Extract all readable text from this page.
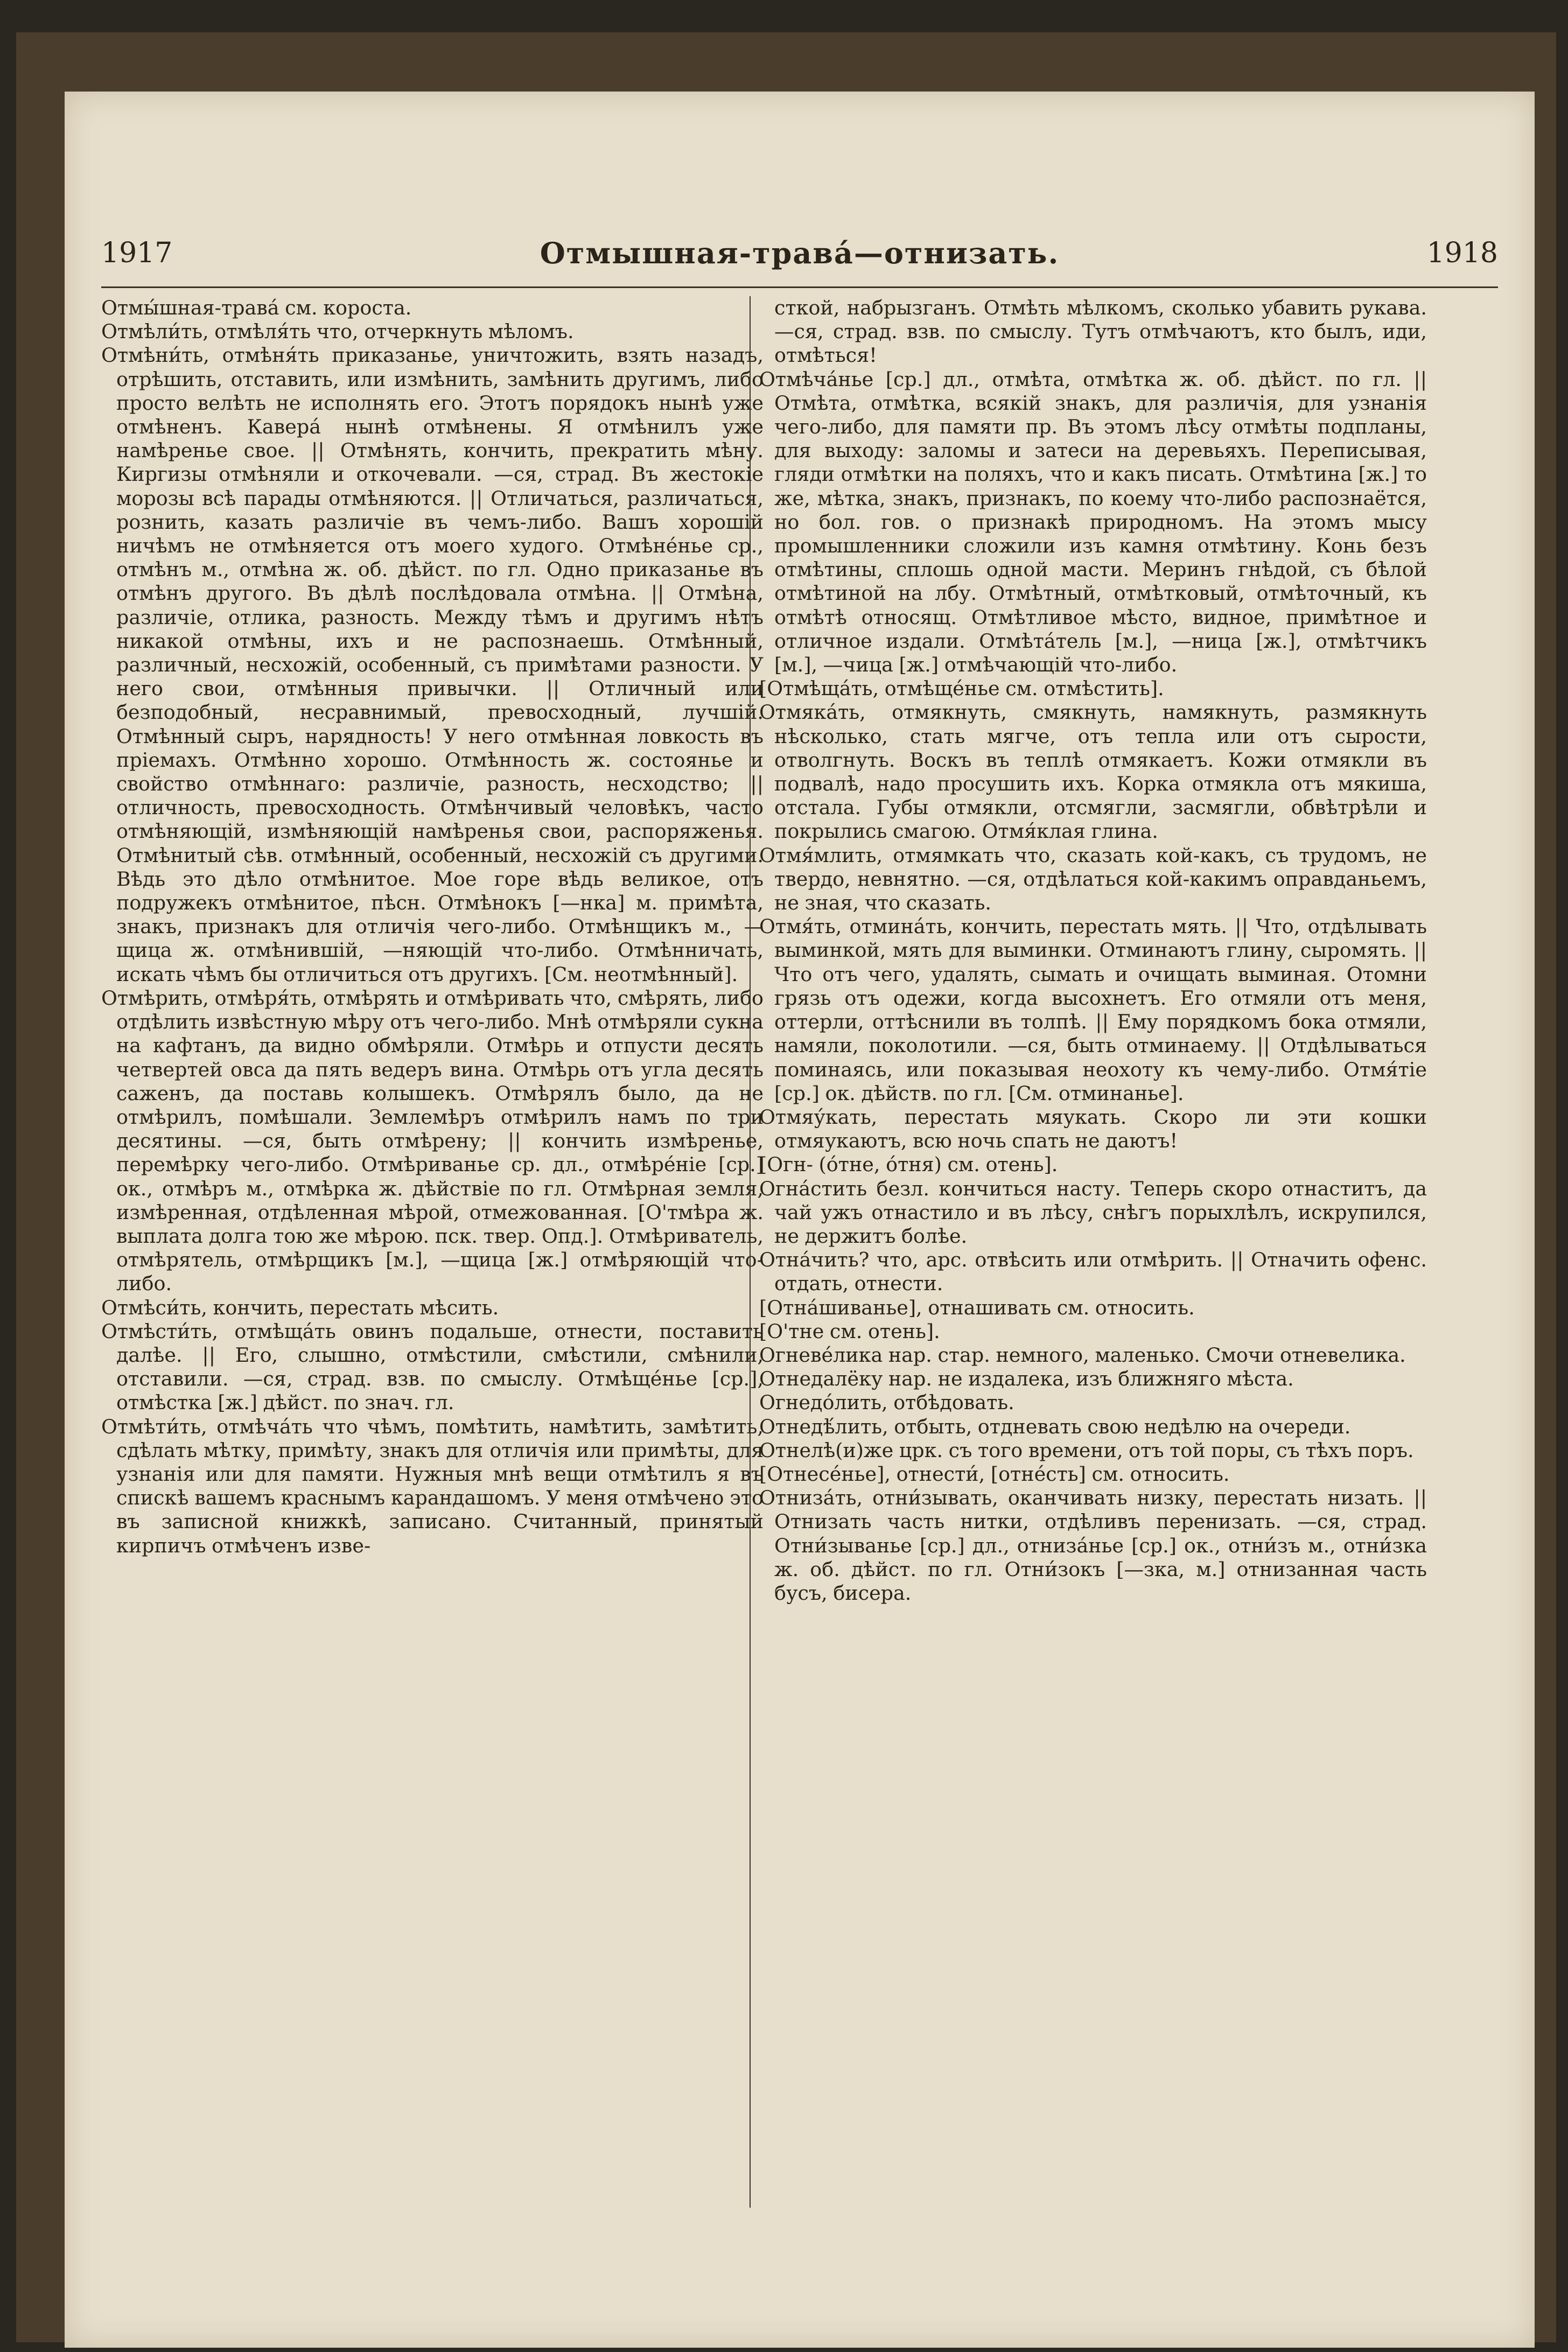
1917	Отмышная-трава́—отнизать.	1918

Отмы́шная-трава́ см. короста.

Отмѣли́ть, отмѣля́ть что, отчеркнуть мѣломъ.

Отмѣни́ть, отмѣня́ть приказанье, уничтожить, взять назадъ, отрѣшить, отставить, или измѣнить, замѣнить другимъ, либо просто велѣть не исполнять его. Этотъ порядокъ нынѣ уже отмѣненъ. Каверá нынѣ отмѣнены. Я отмѣнилъ уже намѣренье свое. || Отмѣнять, кончить, прекратить мѣну. Киргизы отмѣняли и откочевали. —ся, страд. Въ жестокіе морозы всѣ парады отмѣняются. || Отличаться, различаться, рознить, казать различіе въ чемъ-либо. Вашъ хорошій ничѣмъ не отмѣняется отъ моего худого. Отмѣне́нье ср., отмѣнъ м., отмѣна ж. об. дѣйст. по гл. Одно приказанье въ отмѣнъ другого. Въ дѣлѣ послѣдовала отмѣна. || Отмѣна, различіе, отлика, разность. Между тѣмъ и другимъ нѣтъ никакой отмѣны, ихъ и не распознаешь. Отмѣнный, различный, несхожій, особенный, съ примѣтами разности. У него свои, отмѣнныя привычки. || Отличный или безподобный, несравнимый, превосходный, лучшій. Отмѣнный сыръ, нарядность! У него отмѣнная ловкость въ пріемахъ. Отмѣнно хорошо. Отмѣнность ж. состоянье и свойство отмѣннаго: различіе, разность, несходство; || отличность, превосходность. Отмѣнчивый человѣкъ, часто отмѣняющій, измѣняющій намѣренья свои, распоряженья. Отмѣнитый сѣв. отмѣнный, особенный, несхожій съ другими. Вѣдь это дѣло отмѣнитое. Мое горе вѣдь великое, отъ подружекъ отмѣнитое, пѣсн. Отмѣнокъ [—нка] м. примѣта, знакъ, признакъ для отличія чего-либо. Отмѣнщикъ м., —щица ж. отмѣнившій, —няющій что-либо. Отмѣнничать, искать чѣмъ бы отличиться отъ другихъ. [См. неотмѣнный].

Отмѣрить, отмѣря́ть, отмѣрять и отмѣривать что, смѣрять, либо отдѣлить извѣстную мѣру отъ чего-либо. Мнѣ отмѣряли сукна на кафтанъ, да видно обмѣряли. Отмѣрь и отпусти десять четвертей овса да пять ведеръ вина. Отмѣрь отъ угла десять саженъ, да поставь колышекъ. Отмѣрялъ было, да не отмѣрилъ, помѣшали. Землемѣръ отмѣрилъ намъ по три десятины. —ся, быть отмѣрену; || кончить измѣренье, перемѣрку чего-либо. Отмѣриванье ср. дл., отмѣре́ніе [ср.] ок., отмѣръ м., отмѣрка ж. дѣйствіе по гл. Отмѣрная земля, измѣренная, отдѣленная мѣрой, отмежованная. [О'тмѣра ж. выплата долга тою же мѣрою. пск. твер. Опд.]. Отмѣриватель, отмѣрятель, отмѣрщикъ [м.], —щица [ж.] отмѣряющій что-либо.

Отмѣси́ть, кончить, перестать мѣсить.

Отмѣсти́ть, отмѣща́ть овинъ подальше, отнести, поставить далѣе. || Его, слышно, отмѣстили, смѣстили, смѣнили, отставили. —ся, страд. взв. по смыслу. Отмѣще́нье [ср.], отмѣстка [ж.] дѣйст. по знач. гл.

Отмѣти́ть, отмѣча́ть что чѣмъ, помѣтить, намѣтить, замѣтить, сдѣлать мѣтку, примѣту, знакъ для отличія или примѣты, для узнанія или для памяти. Нужныя мнѣ вещи отмѣтилъ я въ спискѣ вашемъ краснымъ карандашомъ. У меня отмѣчено это въ записной книжкѣ, записано. Считанный, принятый кирпичъ отмѣченъ изве-

сткой, набрызганъ. Отмѣть мѣлкомъ, сколько убавить рукава. —ся, страд. взв. по смыслу. Тутъ отмѣчаютъ, кто былъ, иди, отмѣться!

Отмѣча́нье [ср.] дл., отмѣта, отмѣтка ж. об. дѣйст. по гл. || Отмѣта, отмѣтка, всякій знакъ, для различія, для узнанія чего-либо, для памяти пр. Въ этомъ лѣсу отмѣты подпланы, для выходу: заломы и затеси на деревьяхъ. Переписывая, гляди отмѣтки на поляхъ, что и какъ писать. Отмѣтина [ж.] то же, мѣтка, знакъ, признакъ, по коему что-либо распознаётся, но бол. гов. о признакѣ природномъ. На этомъ мысу промышленники сложили изъ камня отмѣтину. Конь безъ отмѣтины, сплошь одной масти. Меринъ гнѣдой, съ бѣлой отмѣтиной на лбу. Отмѣтный, отмѣтковый, отмѣточный, къ отмѣтѣ относящ. Отмѣтливое мѣсто, видное, примѣтное и отличное издали. Отмѣта́тель [м.], —ница [ж.], отмѣтчикъ [м.], —чица [ж.] отмѣчающій что-либо.

[Отмѣща́ть, отмѣще́нье см. отмѣстить].

Отмяка́ть, отмякнуть, смякнуть, намякнуть, размякнуть нѣсколько, стать мягче, отъ тепла или отъ сырости, отволгнуть. Воскъ въ теплѣ отмякаетъ. Кожи отмякли въ подвалѣ, надо просушить ихъ. Корка отмякла отъ мякиша, отстала. Губы отмякли, отсмягли, засмягли, обвѣтрѣли и покрылись смагою. Отмя́клая глина.

Отмя́млить, отмямкать что, сказать кой-какъ, съ трудомъ, не твердо, невнятно. —ся, отдѣлаться кой-какимъ оправданьемъ, не зная, что сказать.

Отмя́ть, отмина́ть, кончить, перестать мять. || Что, отдѣлывать выминкой, мять для выминки. Отминаютъ глину, сыромять. || Что отъ чего, удалять, сымать и очищать выминая. Отомни грязь отъ одежи, когда высохнетъ. Его отмяли отъ меня, оттерли, оттѣснили въ толпѣ. || Ему порядкомъ бока отмяли, намяли, поколотили. —ся, быть отминаему. || Отдѣлываться поминаясь, или показывая неохоту къ чему-либо. Отмя́тіе [ср.] ок. дѣйств. по гл. [См. отминанье].

Отмяу́кать, перестать мяукать. Скоро ли эти кошки отмяукаютъ, всю ночь спать не даютъ!

[Огн- (о́тне, о́тня) см. отень].

Огна́стить безл. кончиться насту. Теперь скоро отнаститъ, да чай ужъ отнастило и въ лѣсу, снѣгъ порыхлѣлъ, искрупился, не держитъ болѣе.

Отна́чить? что, арс. отвѣсить или отмѣрить. || Отначить офенс. отдать, отнести.

[Отна́шиванье], отнашивать см. относить.

[О'тне см. отень].

Огневе́лика нар. стар. немного, маленько. Смочи отневелика.

Отнедалёку нар. не издалека, изъ ближняго мѣста.

Огнедо́лить, отбѣдовать.

Отнедѣ́лить, отбыть, отдневать свою недѣлю на очереди.

Отнелѣ(и)же црк. съ того времени, отъ той поры, съ тѣхъ поръ.

[Отнесе́нье], отнести́, [отне́сть] см. относить.

Отниза́ть, отни́зывать, оканчивать низку, перестать низать. || Отнизать часть нитки, отдѣливъ перенизать. —ся, страд. Отни́зыванье [ср.] дл., отниза́нье [ср.] ок., отни́зъ м., отни́зка ж. об. дѣйст. по гл. Отни́зокъ [—зка, м.] отнизанная часть бусъ, бисера.
